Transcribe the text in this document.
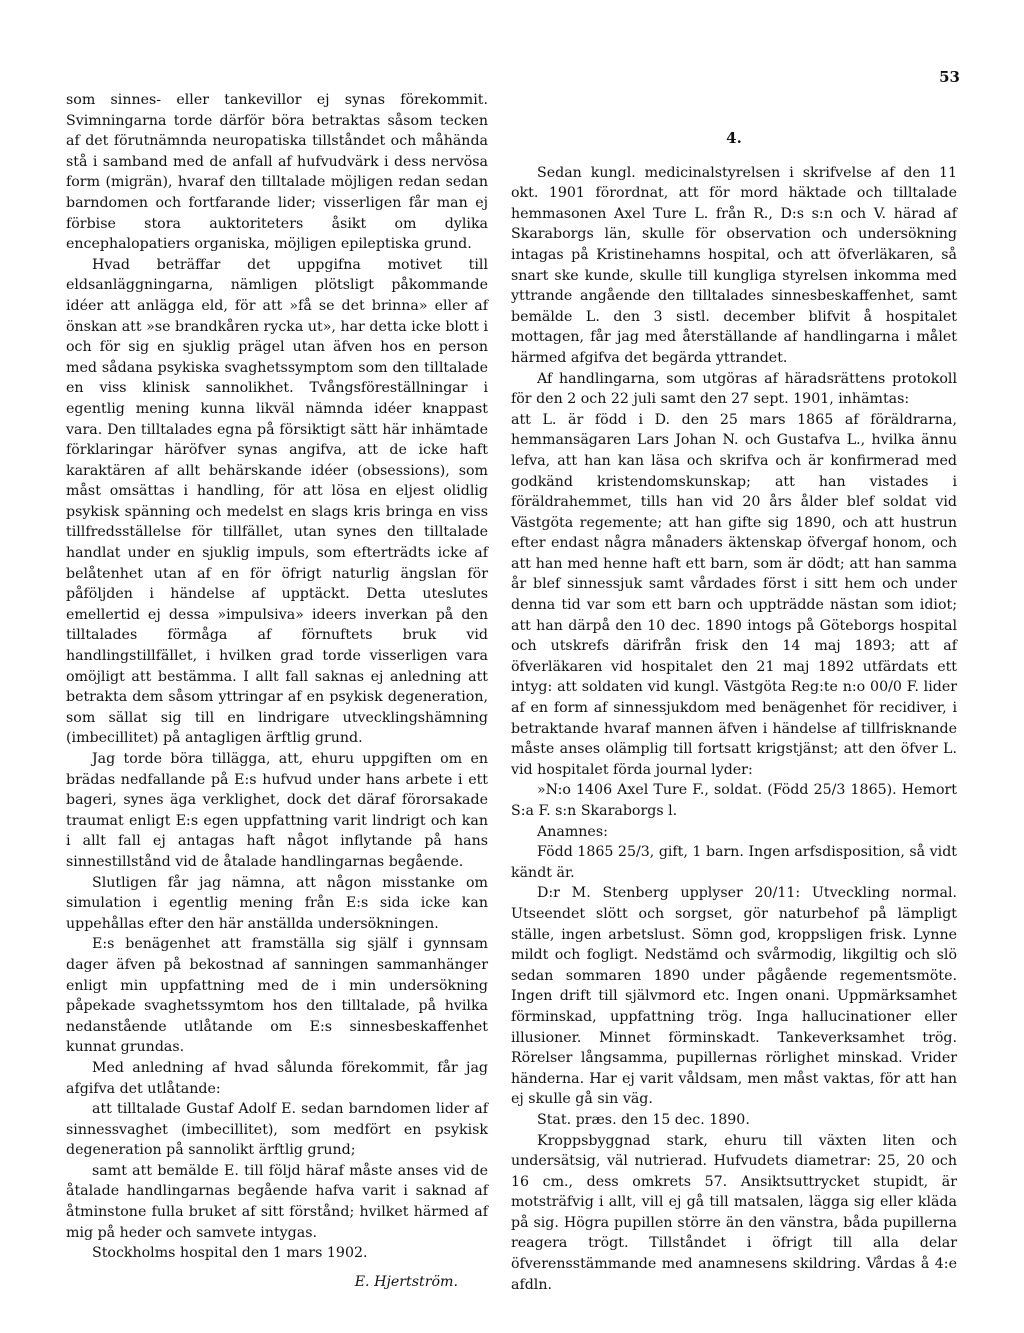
53

som sinnes- eller tankevillor ej synas förekommit. Svimningarna torde därför böra betraktas såsom tecken af det förutnämnda neuropatiska tillståndet och måhända stå i samband med de anfall af hufvudvärk i dess nervösa form (migrän), hvaraf den tilltalade möjligen redan sedan barndomen och fortfarande lider; visserligen får man ej förbise stora auktoriteters åsikt om dylika encephalopatiers organiska, möjligen epileptiska grund.

Hvad beträffar det uppgifna motivet till eldsanläggningarna, nämligen plötsligt påkommande idéer att anlägga eld, för att »få se det brinna» eller af önskan att »se brandkåren rycka ut», har detta icke blott i och för sig en sjuklig prägel utan äfven hos en person med sådana psykiska svaghetssymptom som den tilltalade en viss klinisk sannolikhet. Tvångsföreställningar i egentlig mening kunna likväl nämnda idéer knappast vara. Den tilltalades egna på försiktigt sätt här inhämtade förklaringar häröfver synas angifva, att de icke haft karaktären af allt behärskande idéer (obsessions), som måst omsättas i handling, för att lösa en eljest olidlig psykisk spänning och medelst en slags kris bringa en viss tillfredsställelse för tillfället, utan synes den tilltalade handlat under en sjuklig impuls, som efterträdts icke af belåtenhet utan af en för öfrigt naturlig ängslan för påföljden i händelse af upptäckt. Detta uteslutes emellertid ej dessa »impulsiva» ideers inverkan på den tilltalades förmåga af förnuftets bruk vid handlingstillfället, i hvilken grad torde visserligen vara omöjligt att bestämma. I allt fall saknas ej anledning att betrakta dem såsom yttringar af en psykisk degeneration, som sällat sig till en lindrigare utvecklingshämning (imbecillitet) på antagligen ärftlig grund.

Jag torde böra tillägga, att, ehuru uppgiften om en brädas nedfallande på E:s hufvud under hans arbete i ett bageri, synes äga verklighet, dock det däraf förorsakade traumat enligt E:s egen uppfattning varit lindrigt och kan i allt fall ej antagas haft något inflytande på hans sinnestillstånd vid de åtalade handlingarnas begående.

Slutligen får jag nämna, att någon misstanke om simulation i egentlig mening från E:s sida icke kan uppehållas efter den här anställda undersökningen.

E:s benägenhet att framställa sig själf i gynnsam dager äfven på bekostnad af sanningen sammanhänger enligt min uppfattning med de i min undersökning påpekade svaghetssymtom hos den tilltalade, på hvilka nedanstående utlåtande om E:s sinnesbeskaffenhet kunnat grundas.

Med anledning af hvad sålunda förekommit, får jag afgifva det utlåtande:

att tilltalade Gustaf Adolf E. sedan barndomen lider af sinnessvaghet (imbecillitet), som medfört en psykisk degeneration på sannolikt ärftlig grund;

samt att bemälde E. till följd häraf måste anses vid de åtalade handlingarnas begående hafva varit i saknad af åtminstone fulla bruket af sitt förstånd; hvilket härmed af mig på heder och samvete intygas.

Stockholms hospital den 1 mars 1902.

E. Hjertström.
4.

Sedan kungl. medicinalstyrelsen i skrifvelse af den 11 okt. 1901 förordnat, att för mord häktade och tilltalade hemmasonen Axel Ture L. från R., D:s s:n och V. härad af Skaraborgs län, skulle för observation och undersökning intagas på Kristinehamns hospital, och att öfverläkaren, så snart ske kunde, skulle till kungliga styrelsen inkomma med yttrande angående den tilltalades sinnesbeskaffenhet, samt bemälde L. den 3 sistl. december blifvit å hospitalet mottagen, får jag med återställande af handlingarna i målet härmed afgifva det begärda yttrandet.

Af handlingarna, som utgöras af häradsrättens protokoll för den 2 och 22 juli samt den 27 sept. 1901, inhämtas:

att L. är född i D. den 25 mars 1865 af föräldrarna, hemmansägaren Lars Johan N. och Gustafva L., hvilka ännu lefva, att han kan läsa och skrifva och är konfirmerad med godkänd kristendomskunskap; att han vistades i föräldrahemmet, tills han vid 20 års ålder blef soldat vid Västgöta regemente; att han gifte sig 1890, och att hustrun efter endast några månaders äktenskap öfvergaf honom, och att han med henne haft ett barn, som är dödt; att han samma år blef sinnessjuk samt vårdades först i sitt hem och under denna tid var som ett barn och uppträdde nästan som idiot; att han därpå den 10 dec. 1890 intogs på Göteborgs hospital och utskrefs därifrån frisk den 14 maj 1893; att af öfverläkaren vid hospitalet den 21 maj 1892 utfärdats ett intyg: att soldaten vid kungl. Västgöta Reg:te n:o 00/0 F. lider af en form af sinnessjukdom med benägenhet för recidiver, i betraktande hvaraf mannen äfven i händelse af tillfrisknande måste anses olämplig till fortsatt krigstjänst; att den öfver L. vid hospitalet förda journal lyder:

»N:o 1406 Axel Ture F., soldat. (Född 25/3 1865). Hemort S:a F. s:n Skaraborgs l.

Anamnes:

Född 1865 25/3, gift, 1 barn. Ingen arfsdisposition, så vidt kändt är.

D:r M. Stenberg upplyser 20/11: Utveckling normal. Utseendet slött och sorgset, gör naturbehof på lämpligt ställe, ingen arbetslust. Sömn god, kroppsligen frisk. Lynne mildt och fogligt. Nedstämd och svårmodig, likgiltig och slö sedan sommaren 1890 under pågående regementsmöte. Ingen drift till självmord etc. Ingen onani. Uppmärksamhet förminskad, uppfattning trög. Inga hallucinationer eller illusioner. Minnet förminskadt. Tankeverksamhet trög. Rörelser långsamma, pupillernas rörlighet minskad. Vrider händerna. Har ej varit våldsam, men måst vaktas, för att han ej skulle gå sin väg.

Stat. præs. den 15 dec. 1890.

Kroppsbyggnad stark, ehuru till växten liten och undersätsig, väl nutrierad. Hufvudets diametrar: 25, 20 och 16 cm., dess omkrets 57. Ansiktsuttrycket stupidt, är motsträfvig i allt, vill ej gå till matsalen, lägga sig eller kläda på sig. Högra pupillen större än den vänstra, båda pupillerna reagera trögt. Tillståndet i öfrigt till alla delar öfverensstämmande med anamnesens skildring. Vårdas å 4:e afdln.
